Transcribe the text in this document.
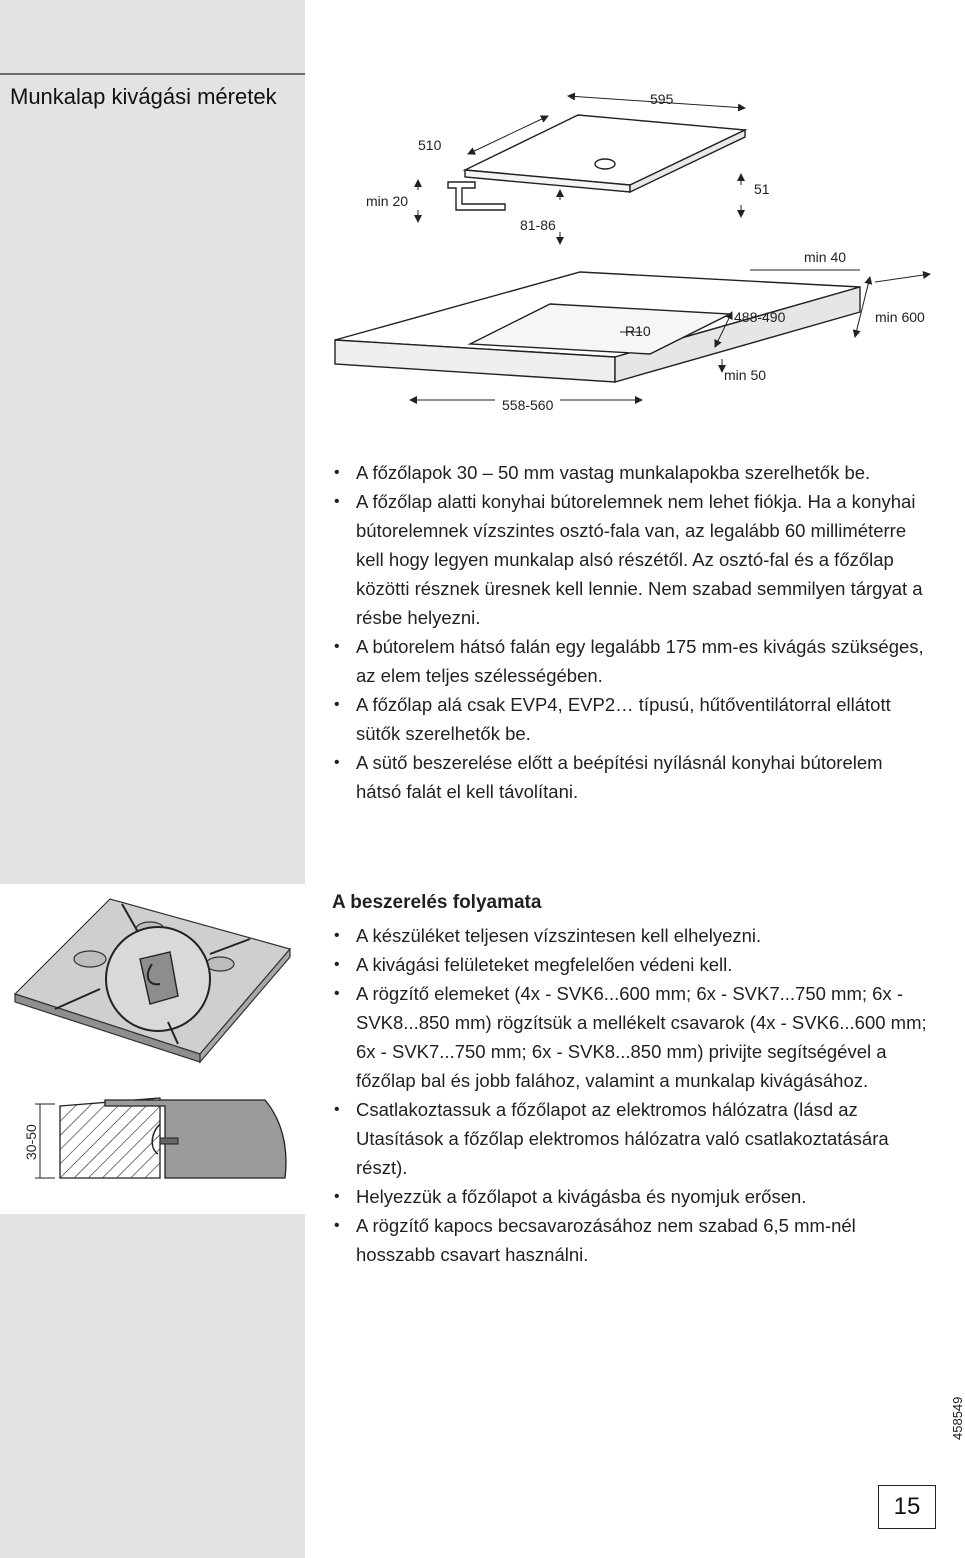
Munkalap kivágási méretek	595
510
min 20
51
81-86
min 40
R10
488-490	min 600
min 50
558-560
30-50
• A főzőlapok 30 – 50 mm vastag munkalapokba szerelhetők be.
• A főzőlap alatti konyhai bútorelemnek nem lehet fiókja. Ha a konyhai bútorelemnek vízszintes osztó-fala van, az legalább 60 milliméterre kell hogy legyen munkalap alsó részétől. Az osztó-fal és a főzőlap közötti résznek üresnek kell lennie. Nem szabad semmilyen tárgyat a résbe helyezni.
• A bútorelem hátsó falán egy legalább 175 mm-es kivágás szükséges, az elem teljes szélességében.
• A főzőlap alá csak EVP4, EVP2… típusú, hűtőventilátorral ellátott sütők szerelhetők be.
• A sütő beszerelése előtt a beépítési nyílásnál konyhai bútorelem hátsó falát el kell távolítani.
A beszerelés folyamata
• A készüléket teljesen vízszintesen kell elhelyezni.
• A kivágási felületeket megfelelően védeni kell.
• A rögzítő elemeket (4x - SVK6...600 mm; 6x - SVK7...750 mm; 6x - SVK8...850 mm) rögzítsük a mellékelt csavarok (4x - SVK6...600 mm; 6x - SVK7...750 mm; 6x - SVK8...850 mm) privijte segítségével a főzőlap bal és jobb falához, valamint a munkalap kivágásához.
• Csatlakoztassuk a főzőlapot az elektromos hálózatra (lásd az Utasítások a főzőlap elektromos hálózatra való csatlakoztatására részt).
• Helyezzük a főzőlapot a kivágásba és nyomjuk erősen.
• A rögzítő kapocs becsavarozásához nem szabad 6,5 mm-nél hosszabb csavart használni.
458549
15
